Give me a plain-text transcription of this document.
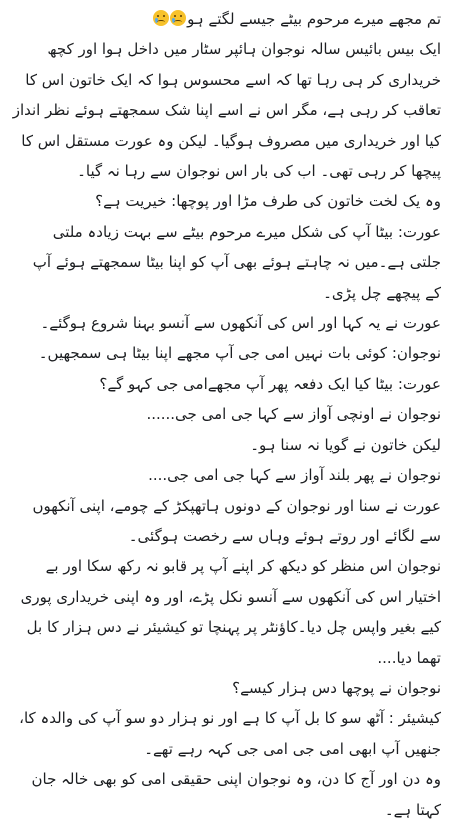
تم مجھے میرے مرحوم بیٹے جیسے لگتے ہو
ایک بیس بائیس سالہ نوجوان ہائپر سٹار میں داخل ہوا اور کچھ
خریداری کر ہی رہا تھا کہ اسے محسوس ہوا کہ ایک خاتون اس کا
تعاقب کر رہی ہے، مگر اس نے اسے اپنا شک سمجھتے ہوئے نظر انداز
کیا اور خریداری میں مصروف ہوگیا۔ لیکن وہ عورت مستقل اس کا
پیچھا کر رہی تھی۔ اب کی بار اس نوجوان سے رہا نہ گیا۔
وہ یک لخت خاتون کی طرف مڑا اور پوچھا: خیریت ہے؟
عورت: بیٹا آپ کی شکل میرے مرحوم بیٹے سے بہت زیادہ ملتی
جلتی ہے۔میں نہ چاہتے ہوئے بھی آپ کو اپنا بیٹا سمجھتے ہوئے آپ
کے پیچھے چل پڑی۔
عورت نے یہ کہا اور اس کی آنکھوں سے آنسو بہنا شروع ہوگئے۔
نوجوان: کوئی بات نہیں امی جی آپ مجھے اپنا بیٹا ہی سمجھیں۔
عورت: بیٹا کیا ایک دفعہ پھر آپ مجھےامی جی کہو گے؟
نوجوان نے اونچی آواز سے کہا جی امی جی......
لیکن خاتون نے گویا نہ سنا ہو۔
نوجوان نے پھر بلند آواز سے کہا جی امی جی....
عورت نے سنا اور نوجوان کے دونوں ہاتھپکڑ کے چومے، اپنی آنکھوں
سے لگائے اور روتے ہوئے وہاں سے رخصت ہوگئی۔
نوجوان اس منظر کو دیکھ کر اپنے آپ پر قابو نہ رکھ سکا اور بے
اختیار اس کی آنکھوں سے آنسو نکل پڑے، اور وہ اپنی خریداری پوری
کیے بغیر واپس چل دیا۔کاؤنٹر پر پہنچا تو کیشیئر نے دس ہزار کا بل
تھما دیا....
نوجوان نے پوچھا دس ہزار کیسے؟
کیشیئر : آٹھ سو کا بل آپ کا ہے اور نو ہزار دو سو آپ کی والدہ کا،
جنھیں آپ ابھی امی جی امی جی کہہ رہے تھے۔
وہ دن اور آج کا دن، وہ نوجوان اپنی حقیقی امی کو بھی خالہ جان
کہتا ہے۔
